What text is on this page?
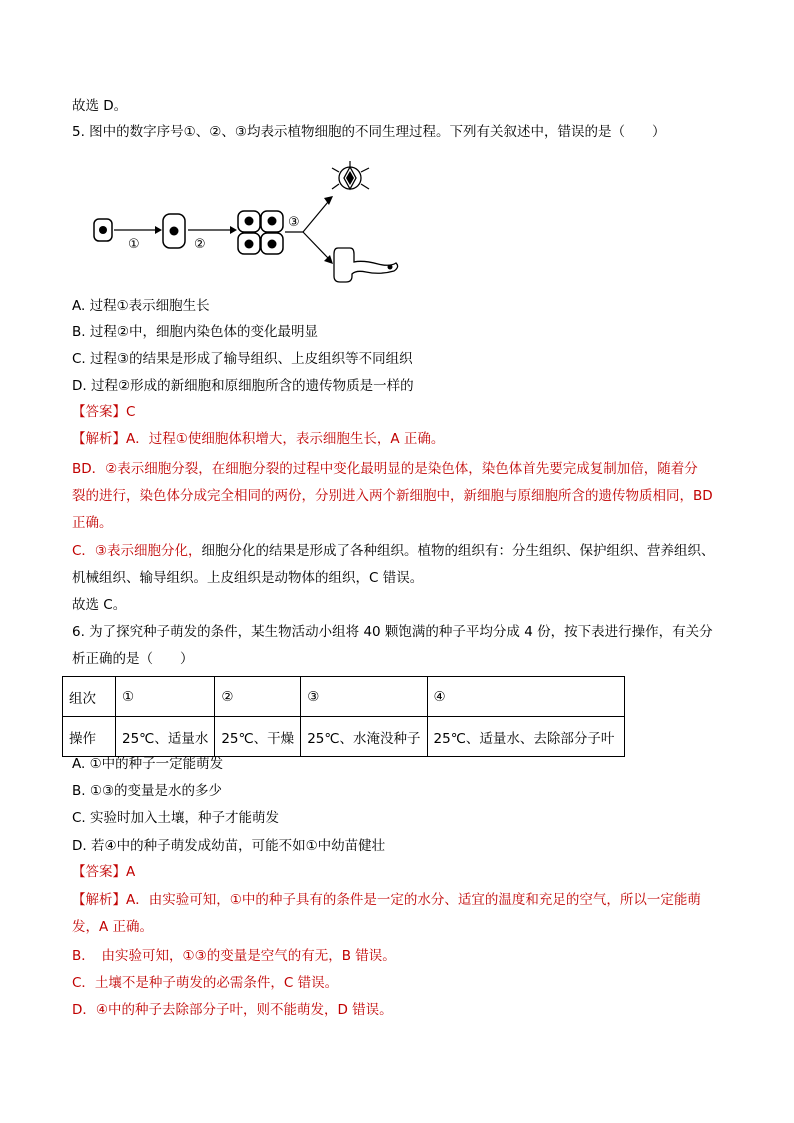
故选 D。
5. 图中的数字序号①、②、③均表示植物细胞的不同生理过程。下列有关叙述中，错误的是（　　）
①	②
③
A. 过程①表示细胞生长
B. 过程②中，细胞内染色体的变化最明显
C. 过程③的结果是形成了输导组织、上皮组织等不同组织
D. 过程②形成的新细胞和原细胞所含的遗传物质是一样的
【答案】C
【解析】A．过程①使细胞体积增大，表示细胞生长，A 正确。
BD．②表示细胞分裂，在细胞分裂的过程中变化最明显的是染色体，染色体首先要完成复制加倍，随着分
裂的进行，染色体分成完全相同的两份，分别进入两个新细胞中，新细胞与原细胞所含的遗传物质相同，BD
正确。
C．③表示细胞分化，细胞分化的结果是形成了各种组织。植物的组织有：分生组织、保护组织、营养组织、
机械组织、输导组织。上皮组织是动物体的组织，C 错误。
故选 C。
6. 为了探究种子萌发的条件，某生物活动小组将 40 颗饱满的种子平均分成 4 份，按下表进行操作，有关分
析正确的是（　　）
组次	①	②	③	④
操作	25℃、适量水	25℃、干燥	25℃、水淹没种子	25℃、适量水、去除部分子叶
A. ①中的种子一定能萌发
B. ①③的变量是水的多少
C. 实验时加入土壤，种子才能萌发
D. 若④中的种子萌发成幼苗，可能不如①中幼苗健壮
【答案】A
【解析】A．由实验可知，①中的种子具有的条件是一定的水分、适宜的温度和充足的空气，所以一定能萌
发，A 正确。
B．　由实验可知，①③的变量是空气的有无，B 错误。
C．土壤不是种子萌发的必需条件，C 错误。
D．④中的种子去除部分子叶，则不能萌发，D 错误。
